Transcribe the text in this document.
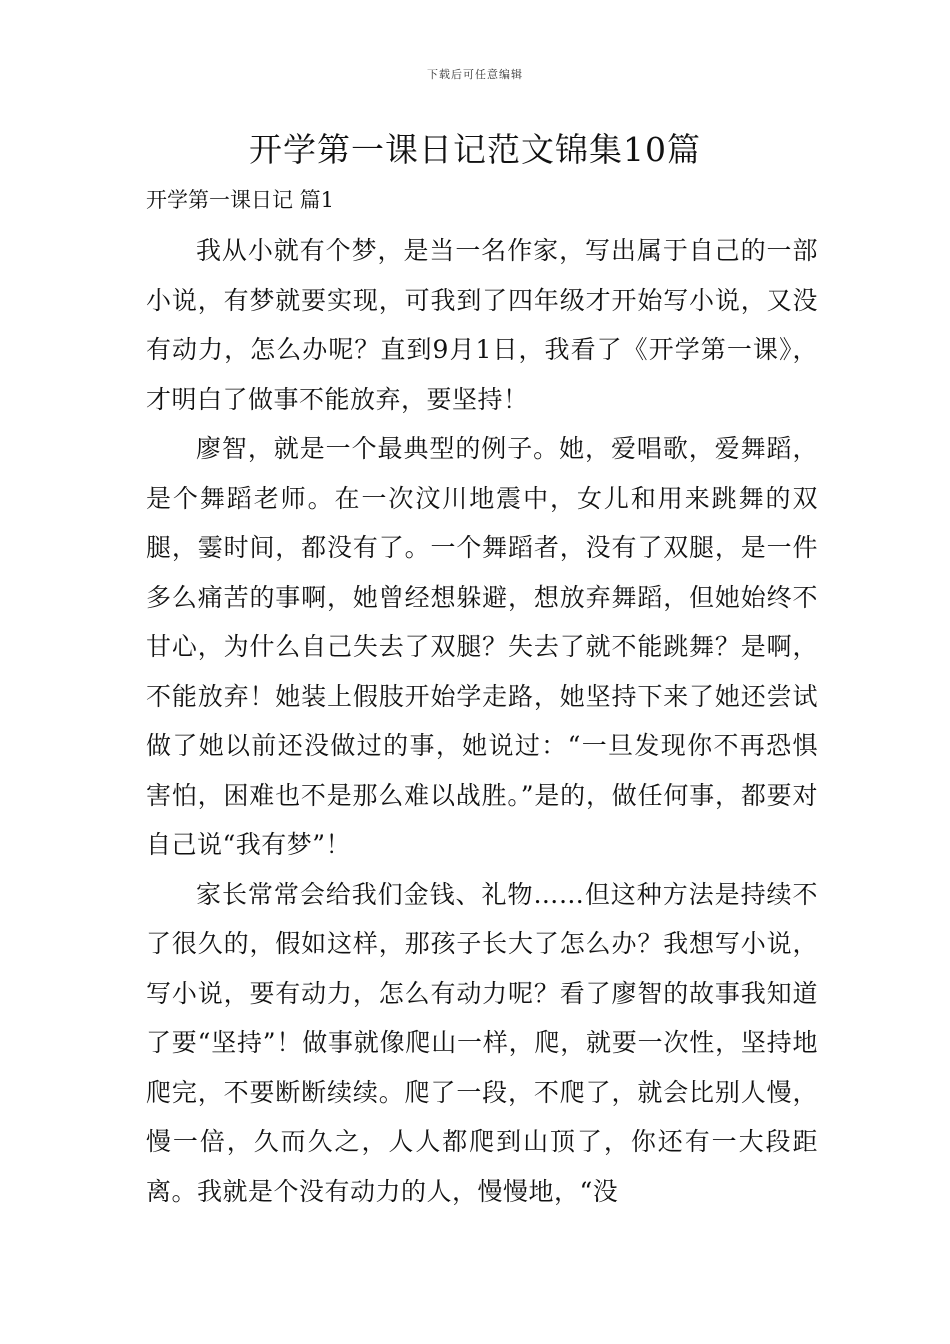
下载后可任意编辑
开学第一课日记范文锦集10篇
开学第一课日记 篇1

我从小就有个梦，是当一名作家，写出属于自己的一部小说，有梦就要实现，可我到了四年级才开始写小说，又没有动力，怎么办呢？直到9月1日，我看了《开学第一课》，才明白了做事不能放弃，要坚持！

廖智，就是一个最典型的例子。她，爱唱歌，爱舞蹈，是个舞蹈老师。在一次汶川地震中，女儿和用来跳舞的双腿，霎时间，都没有了。一个舞蹈者，没有了双腿，是一件多么痛苦的事啊，她曾经想躲避，想放弃舞蹈，但她始终不甘心，为什么自己失去了双腿？失去了就不能跳舞？是啊，不能放弃！她装上假肢开始学走路，她坚持下来了她还尝试做了她以前还没做过的事，她说过：“一旦发现你不再恐惧害怕，困难也不是那么难以战胜。”是的，做任何事，都要对自己说“我有梦”！

家长常常会给我们金钱、礼物……但这种方法是持续不了很久的，假如这样，那孩子长大了怎么办？我想写小说，写小说，要有动力，怎么有动力呢？看了廖智的故事我知道了要“坚持”！做事就像爬山一样，爬，就要一次性，坚持地爬完，不要断断续续。爬了一段，不爬了，就会比别人慢，慢一倍，久而久之，人人都爬到山顶了，你还有一大段距离。我就是个没有动力的人，慢慢地，“没
